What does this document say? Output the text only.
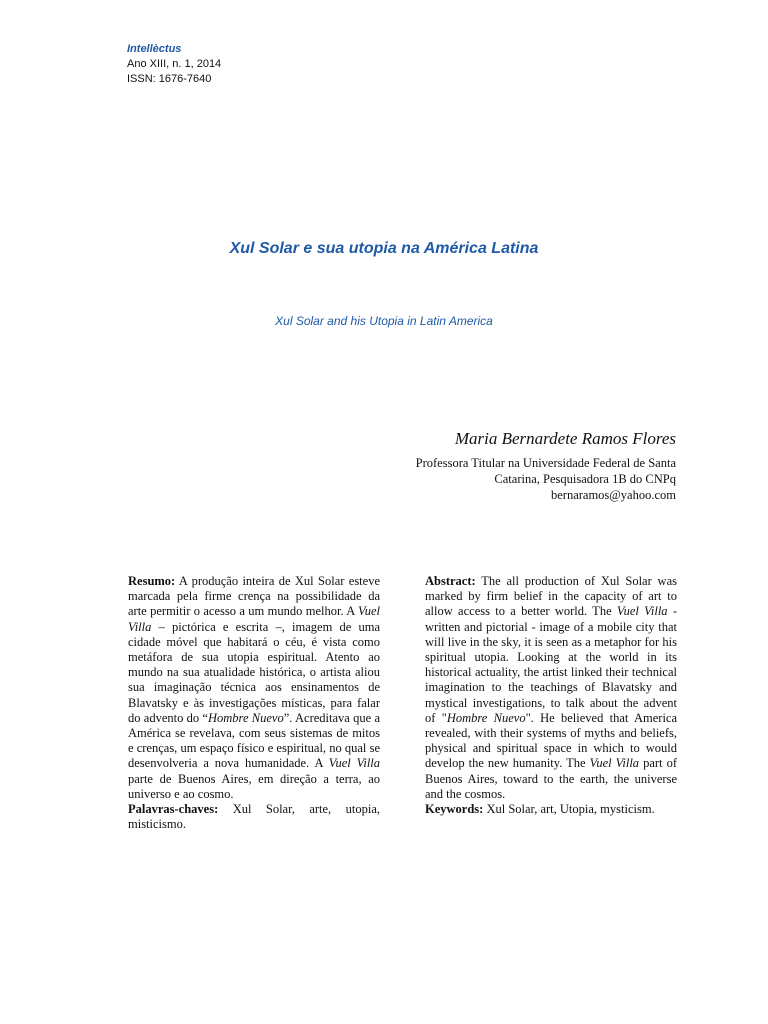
Intellèctus
Ano XIII, n. 1, 2014
ISSN: 1676-7640
Xul Solar e sua utopia na América Latina
Xul Solar and his Utopia in Latin America
Maria Bernardete Ramos Flores
Professora Titular na Universidade Federal de Santa
Catarina, Pesquisadora 1B do CNPq
bernaramos@yahoo.com

Resumo: A produção inteira de Xul Solar esteve marcada pela firme crença na possibilidade da arte permitir o acesso a um mundo melhor. A Vuel Villa – pictórica e escrita –, imagem de uma cidade móvel que habitará o céu, é vista como metáfora de sua utopia espiritual. Atento ao mundo na sua atualidade histórica, o artista aliou sua imaginação técnica aos ensinamentos de Blavatsky e às investigações místicas, para falar do advento do “Hombre Nuevo”. Acreditava que a América se revelava, com seus sistemas de mitos e crenças, um espaço físico e espiritual, no qual se desenvolveria a nova humanidade. A Vuel Villa parte de Buenos Aires, em direção a terra, ao universo e ao cosmo.

Palavras-chaves: Xul Solar, arte, utopia, misticismo.

Abstract: The all production of Xul Solar was marked by firm belief in the capacity of art to allow access to a better world. The Vuel Villa - written and pictorial - image of a mobile city that will live in the sky, it is seen as a metaphor for his spiritual utopia. Looking at the world in its historical actuality, the artist linked their technical imagination to the teachings of Blavatsky and mystical investigations, to talk about the advent of "Hombre Nuevo". He believed that America revealed, with their systems of myths and beliefs, physical and spiritual space in which to would develop the new humanity. The Vuel Villa part of Buenos Aires, toward to the earth, the universe and the cosmos.

Keywords: Xul Solar, art, Utopia, mysticism.
